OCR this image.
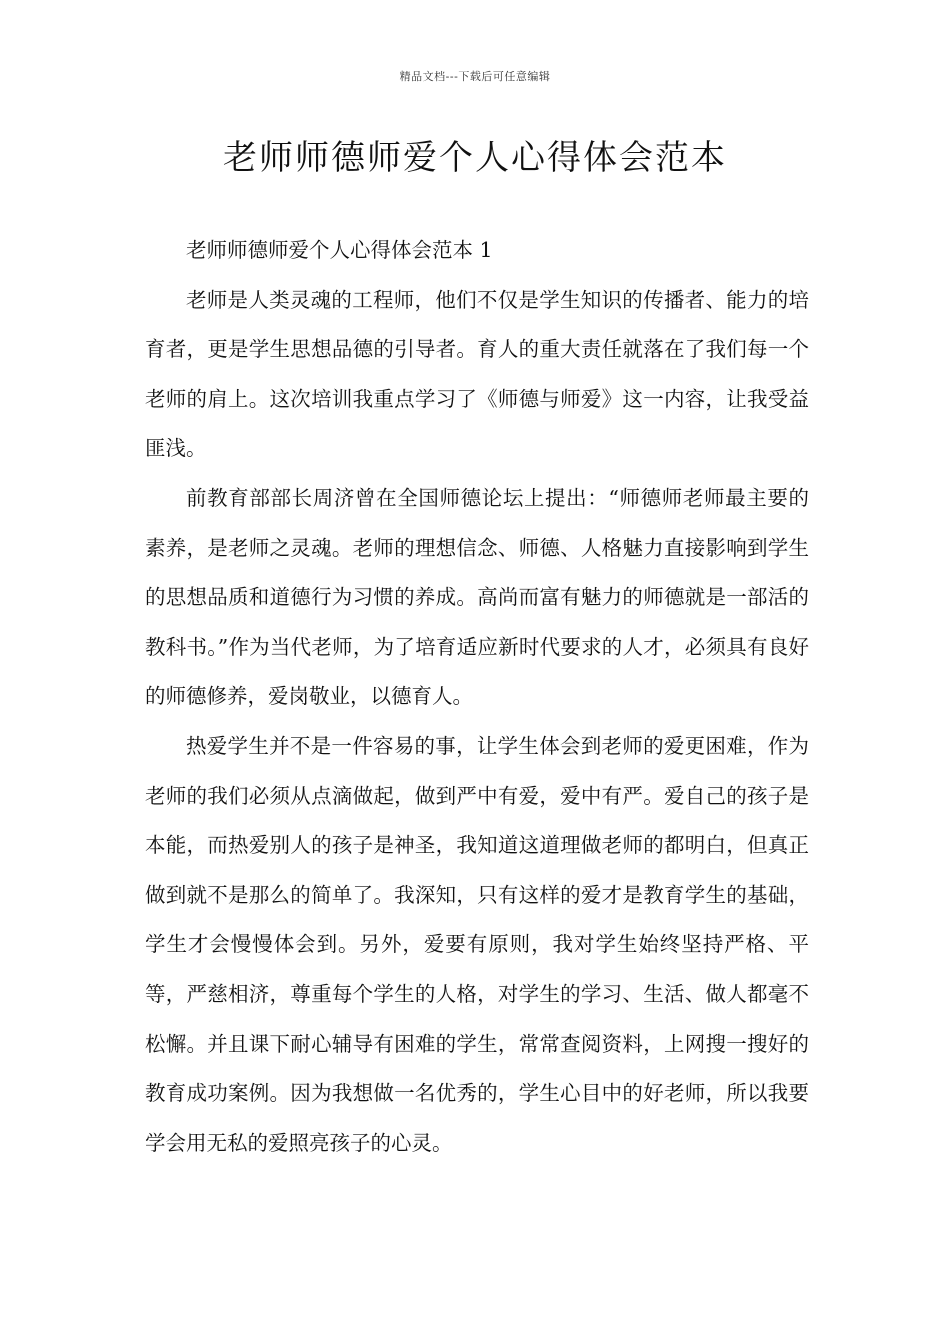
精品文档---下载后可任意编辑
老师师德师爱个人心得体会范本

老师师德师爱个人心得体会范本 1

老师是人类灵魂的工程师，他们不仅是学生知识的传播者、能力的培育者，更是学生思想品德的引导者。育人的重大责任就落在了我们每一个老师的肩上。这次培训我重点学习了《师德与师爱》这一内容，让我受益匪浅。

前教育部部长周济曾在全国师德论坛上提出：“师德师老师最主要的素养，是老师之灵魂。老师的理想信念、师德、人格魅力直接影响到学生的思想品质和道德行为习惯的养成。高尚而富有魅力的师德就是一部活的教科书。”作为当代老师，为了培育适应新时代要求的人才，必须具有良好的师德修养，爱岗敬业，以德育人。

热爱学生并不是一件容易的事，让学生体会到老师的爱更困难，作为老师的我们必须从点滴做起，做到严中有爱，爱中有严。爱自己的孩子是本能，而热爱别人的孩子是神圣，我知道这道理做老师的都明白，但真正做到就不是那么的简单了。我深知，只有这样的爱才是教育学生的基础，学生才会慢慢体会到。另外，爱要有原则，我对学生始终坚持严格、平等，严慈相济，尊重每个学生的人格，对学生的学习、生活、做人都毫不松懈。并且课下耐心辅导有困难的学生，常常查阅资料，上网搜一搜好的教育成功案例。因为我想做一名优秀的，学生心目中的好老师，所以我要学会用无私的爱照亮孩子的心灵。
